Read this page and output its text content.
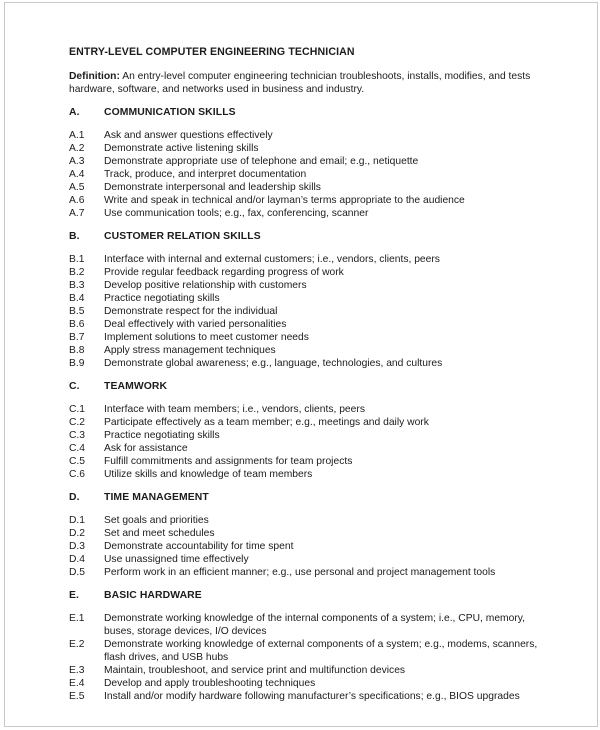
ENTRY-LEVEL COMPUTER ENGINEERING TECHNICIAN
Definition: An entry-level computer engineering technician troubleshoots, installs, modifies, and tests hardware, software, and networks used in business and industry.
A.	COMMUNICATION SKILLS
A.1	Ask and answer questions effectively
A.2	Demonstrate active listening skills
A.3	Demonstrate appropriate use of telephone and email; e.g., netiquette
A.4	Track, produce, and interpret documentation
A.5	Demonstrate interpersonal and leadership skills
A.6	Write and speak in technical and/or layman’s terms appropriate to the audience
A.7	Use communication tools; e.g., fax, conferencing, scanner
B.	CUSTOMER RELATION SKILLS
B.1	Interface with internal and external customers; i.e., vendors, clients, peers
B.2	Provide regular feedback regarding progress of work
B.3	Develop positive relationship with customers
B.4	Practice negotiating skills
B.5	Demonstrate respect for the individual
B.6	Deal effectively with varied personalities
B.7	Implement solutions to meet customer needs
B.8	Apply stress management techniques
B.9	Demonstrate global awareness; e.g., language, technologies, and cultures
C.	TEAMWORK
C.1	Interface with team members; i.e., vendors, clients, peers
C.2	Participate effectively as a team member; e.g., meetings and daily work
C.3	Practice negotiating skills
C.4	Ask for assistance
C.5	Fulfill commitments and assignments for team projects
C.6	Utilize skills and knowledge of team members
D.	TIME MANAGEMENT
D.1	Set goals and priorities
D.2	Set and meet schedules
D.3	Demonstrate accountability for time spent
D.4	Use unassigned time effectively
D.5	Perform work in an efficient manner; e.g., use personal and project management tools
E.	BASIC HARDWARE
E.1	Demonstrate working knowledge of the internal components of a system; i.e., CPU, memory, buses, storage devices, I/O devices
E.2	Demonstrate working knowledge of external components of a system; e.g., modems, scanners, flash drives, and USB hubs
E.3	Maintain, troubleshoot, and service print and multifunction devices
E.4	Develop and apply troubleshooting techniques
E.5	Install and/or modify hardware following manufacturer’s specifications; e.g., BIOS upgrades
